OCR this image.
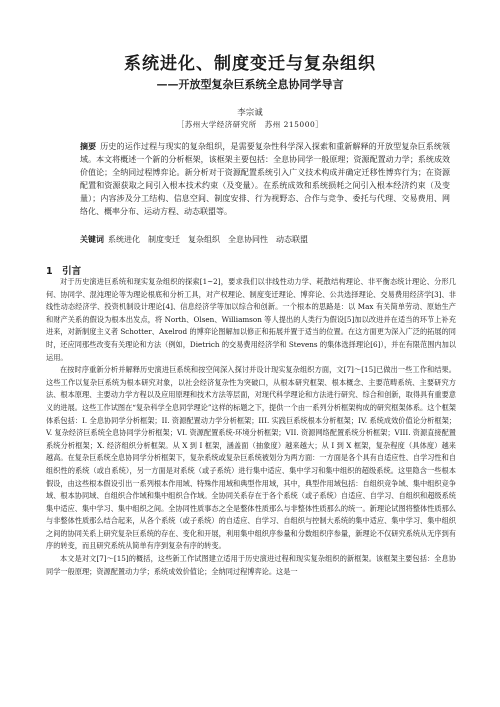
系统进化、制度变迁与复杂组织
——开放型复杂巨系统全息协同学导言
李宗诚
［苏州大学经济研究所　苏州 215000］
摘要 历史的运作过程与现实的复杂组织，是需要复杂性科学深入探索和重新解释的开放型复杂巨系统领域。本文将概述一个新的分析框架，该框架主要包括：全息协同学一般原理；资源配置动力学；系统成效价值论；全纳同过程博弈论。新分析对于资源配置系统引入广义技术构成并确定迁移性博弈行为；在资源配置和资源获取之间引入根本技术约束（及变量）。在系统成效和系统损耗之间引入根本经济约束（及变量）；内容涉及分工结构、信息空间、制度安排、行为视野态、合作与竞争、委托与代理、交易费用、网络化、概率分布、运动方程、动态联盟等。
关键词 系统进化　制度变迁　复杂组织　全息协同性　动态联盟
1　引言

对于历史演进巨系统和现实复杂组织的探索[1~2]，要求我们以非线性动力学、耗散结构理论、非平衡态统计理论、分形几何、协同学、混沌理论等为理论根底和分析工具，对产权理论、制度变迁理论、博弈论、公共选择理论、交易费用经济学[3]、非线性动态经济学、投资机制设计理论[4]、信息经济学等加以综合和创新。一个根本的思路是：以 Max 有关简单劳动、原始生产和财产关系的假设为根本出发点，将 North、Olsen、Williamson 等人提出的人类行为假设[5]加以改进并在适当的环节上补充进来，对新制度主义者 Schotter、Axelrod 的博弈论图解加以修正和拓展并置于适当的位置。在这方面更为深入广泛的拓展的同时，还应同那些改变有关理论和方法（例如，Dietrich 的交易费用经济学和 Stevens 的集体选择理论[6]），并在有限范围内加以运用。

在按时序重新分析并解释历史演进巨系统和按空间深入探讨并设计现实复杂组织方面，文[7]～[15]已做出一些工作和结果。这些工作以复杂巨系统为根本研究对象，以社会经济复杂性为突破口，从根本研究框架、根本概念、主要范畴系统、主要研究方法、根本原理、主要动力学方程以及应用原理和技术方法等层面，对现代科学理论和方法进行研究、综合和创新，取得具有重要意义的进展。这些工作试图在“复杂科学全息同学理论”这样的标题之下，提供一个由一系列分析框架构成的研究框架体系。这个框架体系包括：I. 全息协同学分析框架；II. 资源配置动力学分析框架；III. 实践巨系统根本分析框架；IV. 系统成效价值论分析框架；V. 复杂经济巨系统全息协同学分析框架；VI. 资源配置系统-环境分析框架；VII. 资源网络配置系统分析框架；VIII. 资源直接配置系统分析框架；X. 经济组织分析框架。从 X 到 I 框架，涵盖面（抽象度）越来越大；从 I 到 X 框架，复杂程度（具体度）越来越高。在复杂巨系统全息协同学分析框架下，复杂系统或复杂巨系统被划分为两方面：一方面是各个具有自适应性、自学习性和自组织性的系统（或自系统），另一方面是对系统（或子系统）进行集中适应、集中学习和集中组织的超级系统。这里隐含一些根本假设，由这些根本假设引出一系列根本作用域、特殊作用域和典型作用域，其中，典型作用域包括：自组织竞争域、集中组织竞争域、根本协同域、自组织合作域和集中组织合作域。全协同关系存在于各个系统（或子系统）自适应、自学习、自组织和超级系统集中适应、集中学习、集中组织之间。全协同性质事态之全是整体性质那么与非整体性质那么的统一。新理论试图将整体性质那么与非整体性质那么结合起来，从各个系统（或子系统）的自适应、自学习、自组织与控制大系统的集中适应、集中学习、集中组织之间的协同关系上研究复杂巨系统的存在、变化和开展，利用集中组织序参量和分数组织序参量，新理论不仅研究系统从无序到有序的转变，而且研究系统从简单有序到复杂有序的转变。

本文是对文[7]～[15]的概括，这些新工作试图建立适用于历史演进过程和现实复杂组织的新框架。该框架主要包括：全息协同学一般原理；资源配置动力学；系统成效价值论；全纳同过程博弈论。这是一
